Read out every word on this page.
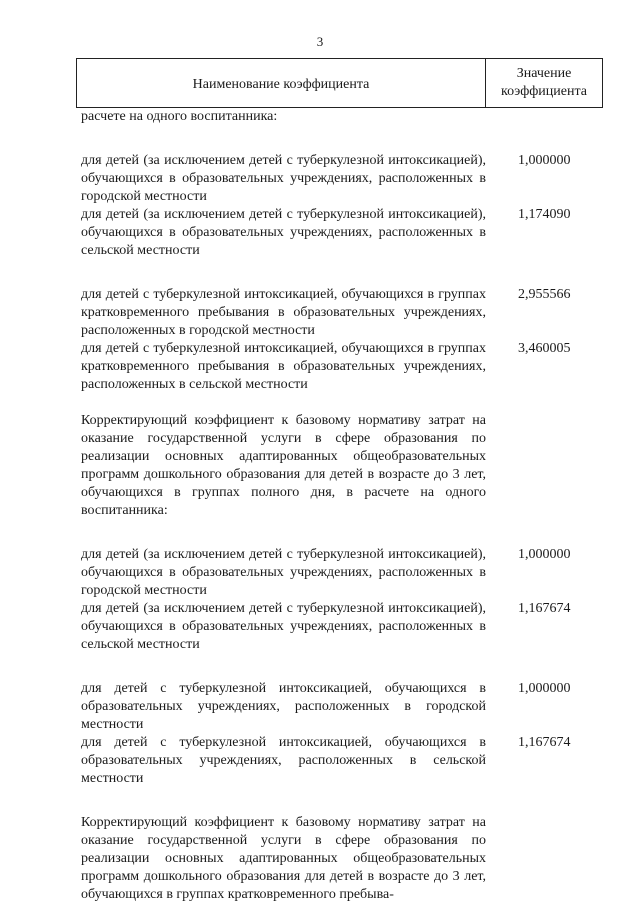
3
Наименование коэффициента
Значение
коэффициента

расчете на одного воспитанника:

для детей (за исключением детей с туберкулезной интоксикацией), обучающихся в образовательных учреждениях, расположенных в городской местности
1,000000
для детей (за исключением детей с туберкулезной интоксикацией), обучающихся в образовательных учреждениях, расположенных в сельской местности
1,174090
для детей с туберкулезной интоксикацией, обучающихся в группах кратковременного пребывания в образовательных учреждениях, расположенных в городской местности
2,955566
для детей с туберкулезной интоксикацией, обучающихся в группах кратковременного пребывания в образовательных учреждениях, расположенных в сельской местности
3,460005

Корректирующий коэффициент к базовому нормативу затрат на оказание государственной услуги в сфере образования по реализации основных адаптированных общеобразовательных программ дошкольного образования для детей в возрасте до 3 лет, обучающихся в группах полного дня, в расчете на одного воспитанника:

для детей (за исключением детей с туберкулезной интоксикацией), обучающихся в образовательных учреждениях, расположенных в городской местности
1,000000
для детей (за исключением детей с туберкулезной интоксикацией), обучающихся в образовательных учреждениях, расположенных в сельской местности
1,167674
для детей с туберкулезной интоксикацией, обучающихся в образовательных учреждениях, расположенных в городской местности
1,000000
для детей с туберкулезной интоксикацией, обучающихся в образовательных учреждениях, расположенных в сельской местности
1,167674

Корректирующий коэффициент к базовому нормативу затрат на оказание государственной услуги в сфере образования по реализации основных адаптированных общеобразовательных программ дошкольного образования для детей в возрасте до 3 лет, обучающихся в группах кратковременного пребыва-
